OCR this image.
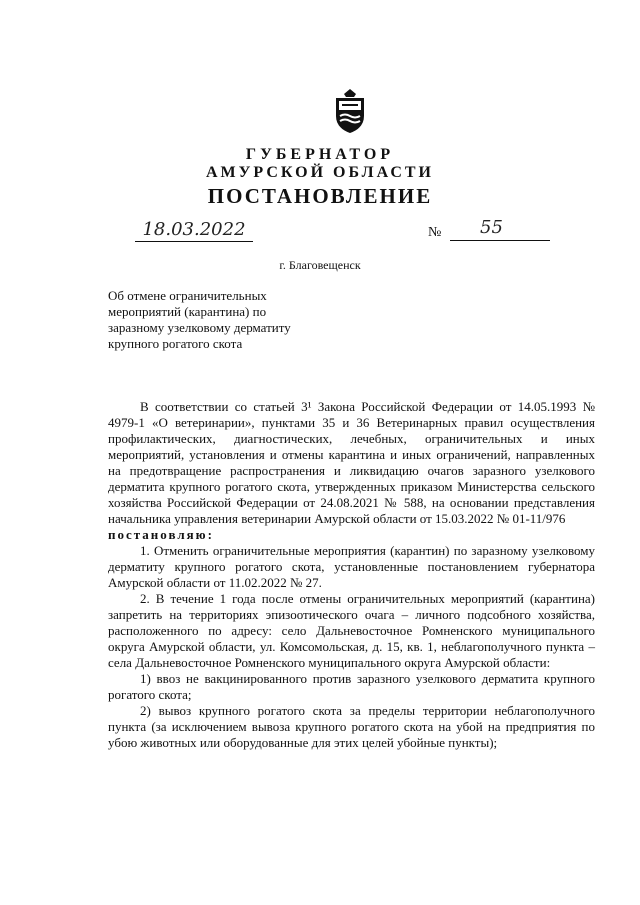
ГУБЕРНАТОР
АМУРСКОЙ ОБЛАСТИ
ПОСТАНОВЛЕНИЕ
18.03.2022	№	55
г. Благовещенск
Об отмене ограничительных мероприятий (карантина) по заразному узелковому дерматиту крупного рогатого скота

В соответствии со статьей 3¹ Закона Российской Федерации от 14.05.1993 № 4979-1 «О ветеринарии», пунктами 35 и 36 Ветеринарных правил осуществления профилактических, диагностических, лечебных, ограничительных и иных мероприятий, установления и отмены карантина и иных ограничений, направленных на предотвращение распространения и ликвидацию очагов заразного узелкового дерматита крупного рогатого скота, утвержденных приказом Министерства сельского хозяйства Российской Федерации от 24.08.2021 № 588, на основании представления начальника управления ветеринарии Амурской области от 15.03.2022 № 01-11/976

постановляю:

1. Отменить ограничительные мероприятия (карантин) по заразному узелковому дерматиту крупного рогатого скота, установленные постановлением губернатора Амурской области от 11.02.2022 № 27.

2. В течение 1 года после отмены ограничительных мероприятий (карантина) запретить на территориях эпизоотического очага – личного подсобного хозяйства, расположенного по адресу: село Дальневосточное Ромненского муниципального округа Амурской области, ул. Комсомольская, д. 15, кв. 1, неблагополучного пункта – села Дальневосточное Ромненского муниципального округа Амурской области:

1) ввоз не вакцинированного против заразного узелкового дерматита крупного рогатого скота;

2) вывоз крупного рогатого скота за пределы территории неблагополучного пункта (за исключением вывоза крупного рогатого скота на убой на предприятия по убою животных или оборудованные для этих целей убойные пункты);
